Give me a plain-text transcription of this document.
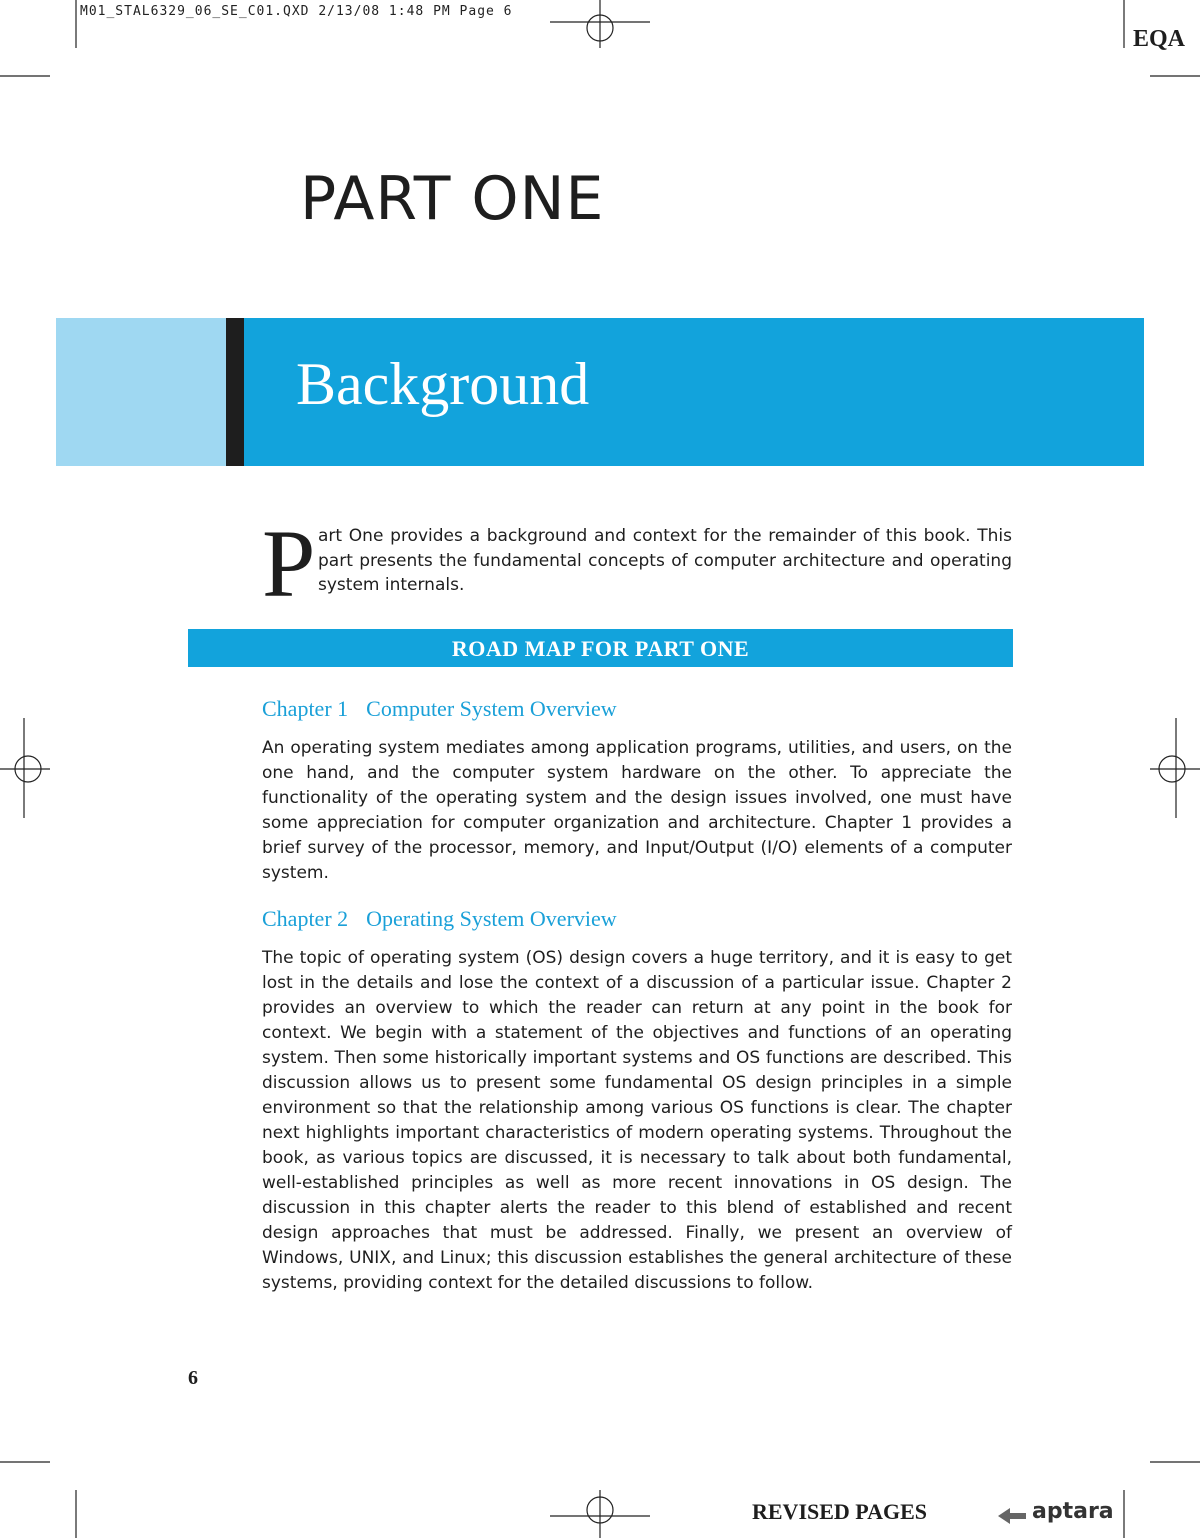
M01_STAL6329_06_SE_C01.QXD 2/13/08 1:48 PM Page 6
EQA
PART ONE
Background
P art One provides a background and context for the remainder of this book. This part presents the fundamental concepts of computer architecture and operating system internals.

ROAD MAP FOR PART ONE
Chapter 1 Computer System Overview

An operating system mediates among application programs, utilities, and users, on the one hand, and the computer system hardware on the other. To appreciate the functionality of the operating system and the design issues involved, one must have some appreciation for computer organization and architecture. Chapter 1 provides a brief survey of the processor, memory, and Input/Output (I/O) elements of a computer system.

Chapter 2 Operating System Overview

The topic of operating system (OS) design covers a huge territory, and it is easy to get lost in the details and lose the context of a discussion of a particular issue. Chapter 2 provides an overview to which the reader can return at any point in the book for context. We begin with a statement of the objectives and functions of an operating system. Then some historically important systems and OS functions are described. This discussion allows us to present some fundamental OS design principles in a simple environment so that the relationship among various OS functions is clear. The chapter next highlights important characteristics of modern operating systems. Throughout the book, as various topics are discussed, it is necessary to talk about both fundamental, well-established principles as well as more recent innovations in OS design. The discussion in this chapter alerts the reader to this blend of established and recent design approaches that must be addressed. Finally, we present an overview of Windows, UNIX, and Linux; this discussion establishes the general architecture of these systems, providing context for the detailed discussions to follow.

6
REVISED PAGES	aptara
